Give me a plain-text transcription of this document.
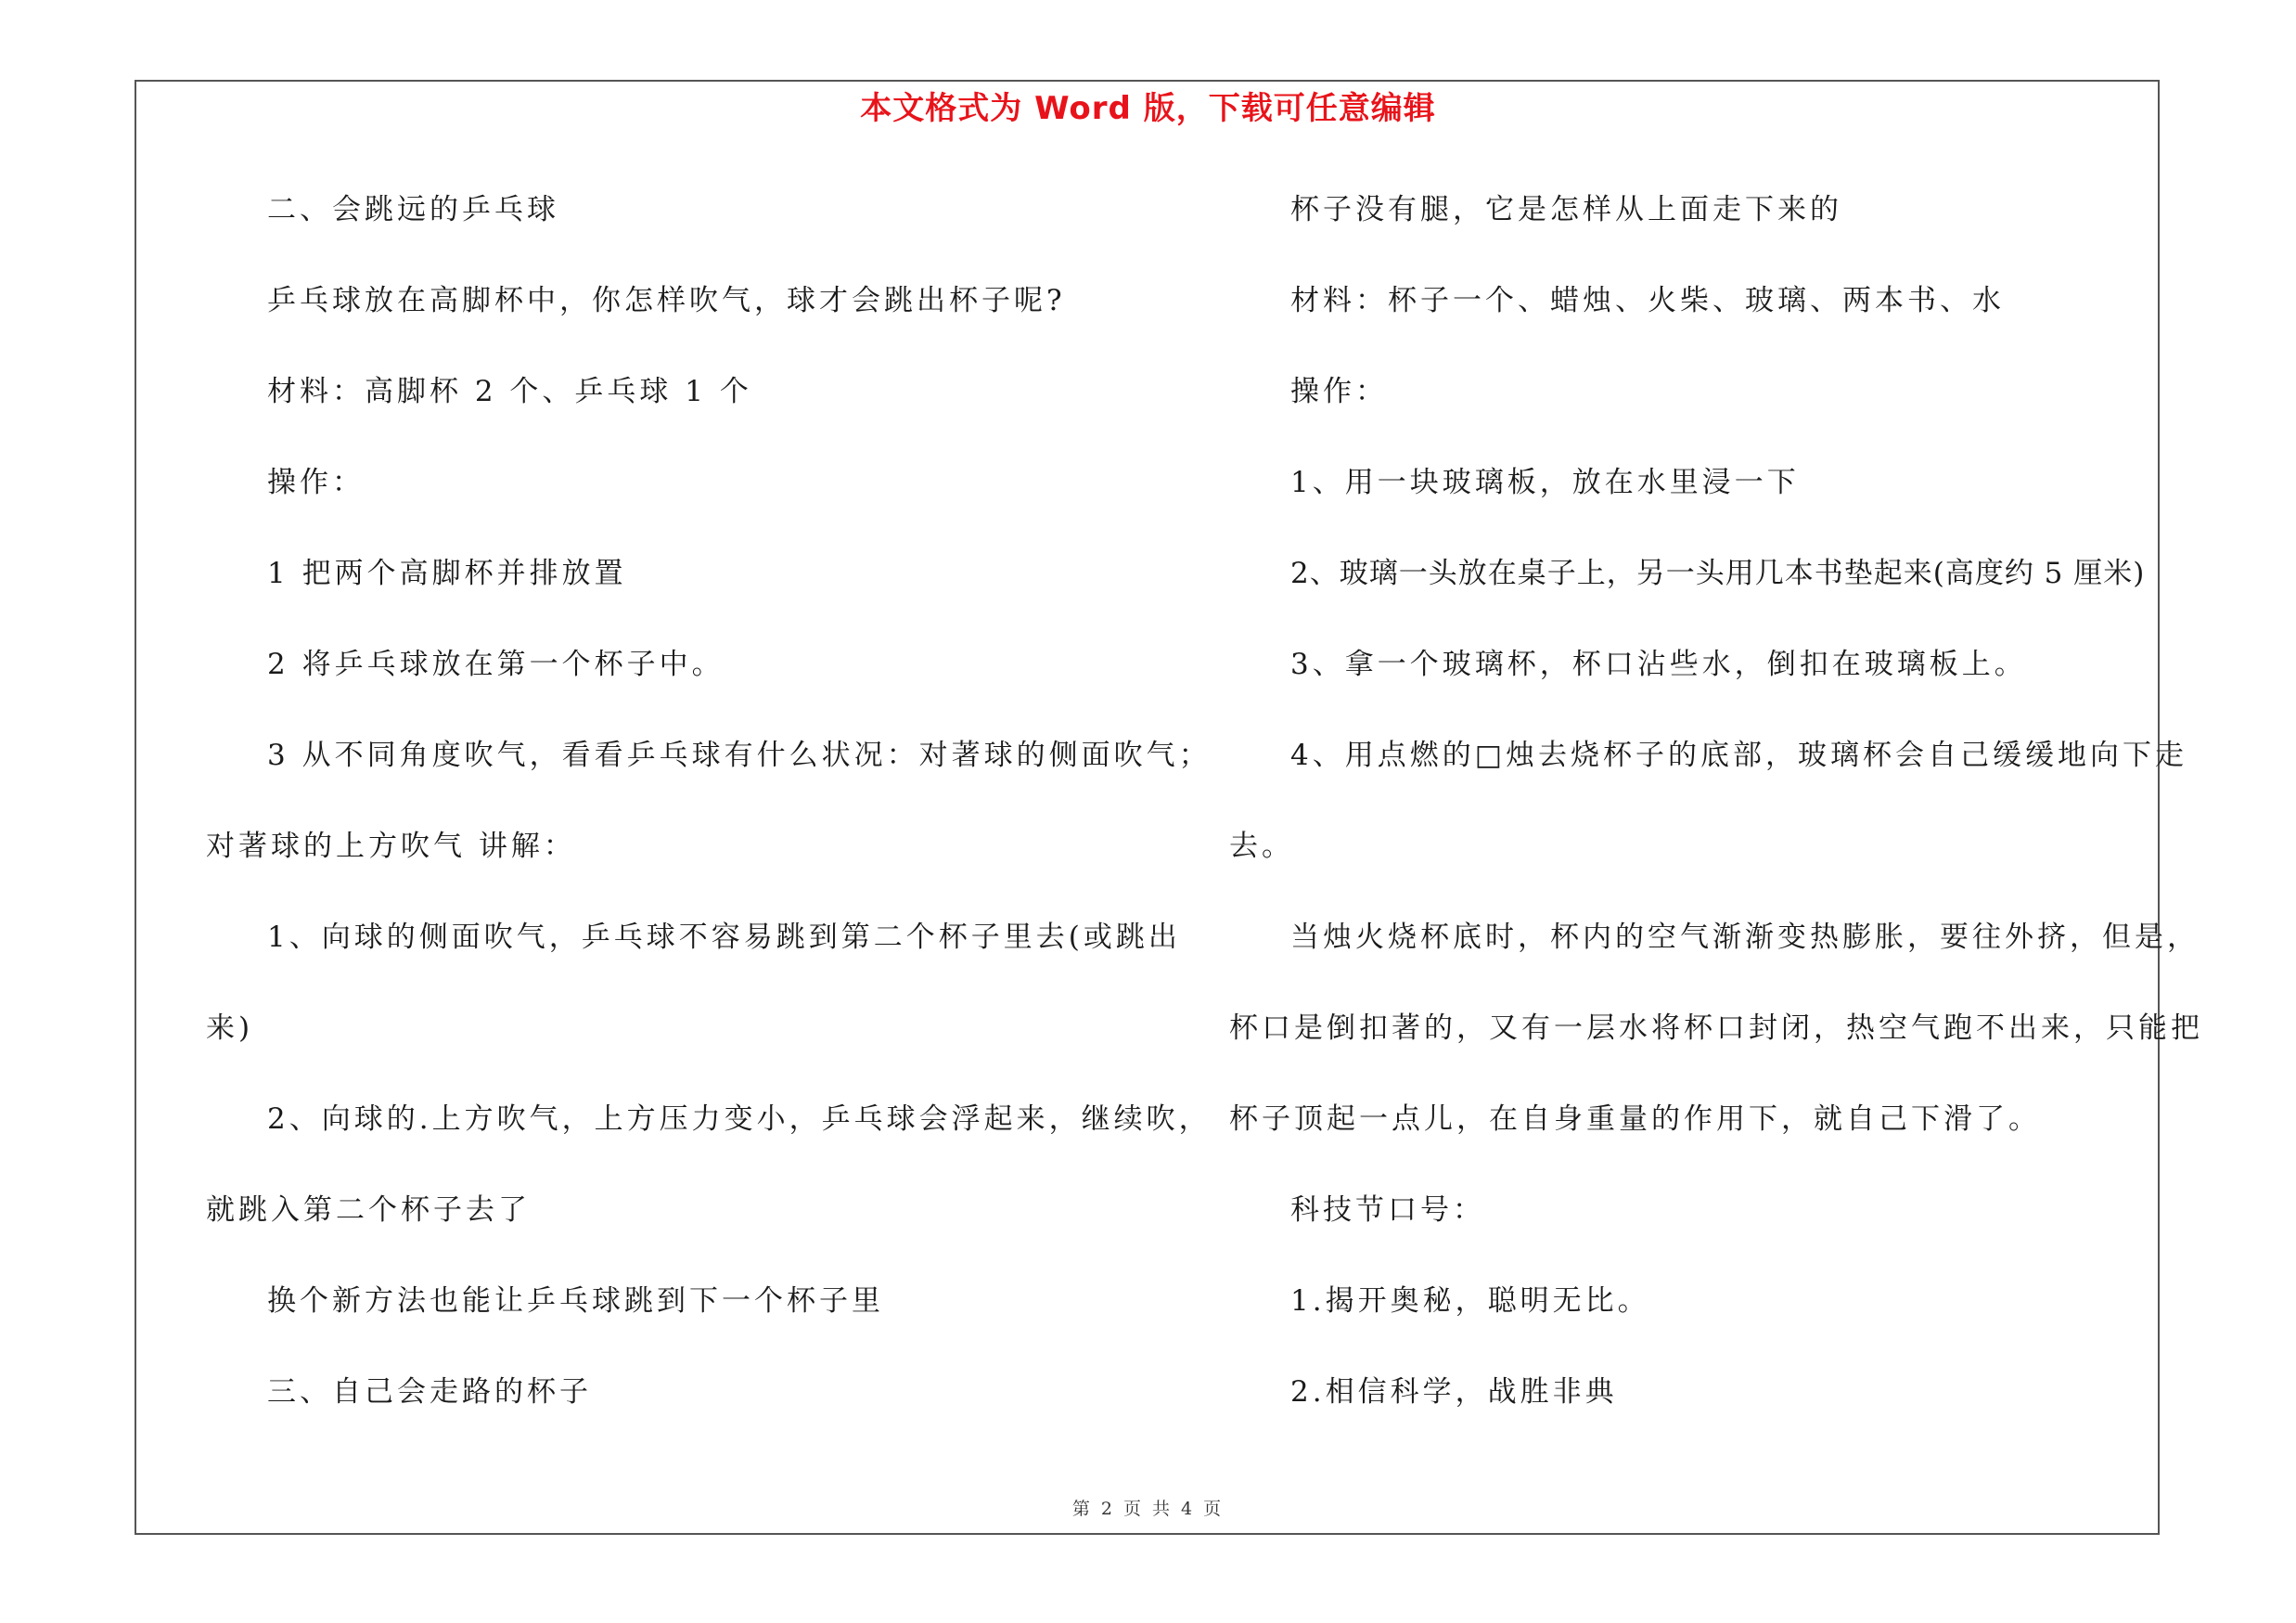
本文格式为 Word 版，下载可任意编辑
二、会跳远的乒乓球
乒乓球放在高脚杯中，你怎样吹气，球才会跳出杯子呢?
材料：高脚杯 2 个、乒乓球 1 个
操作：
1 把两个高脚杯并排放置
2 将乒乓球放在第一个杯子中。
3 从不同角度吹气，看看乒乓球有什么状况：对著球的侧面吹气；
对著球的上方吹气 讲解：
1、向球的侧面吹气，乒乓球不容易跳到第二个杯子里去(或跳出
来)
2、向球的.上方吹气，上方压力变小，乒乓球会浮起来，继续吹，
就跳入第二个杯子去了
换个新方法也能让乒乓球跳到下一个杯子里
三、自己会走路的杯子
杯子没有腿，它是怎样从上面走下来的
材料：杯子一个、蜡烛、火柴、玻璃、两本书、水
操作：
1、用一块玻璃板，放在水里浸一下
2、玻璃一头放在桌子上，另一头用几本书垫起来(高度约 5 厘米)
3、拿一个玻璃杯，杯口沾些水，倒扣在玻璃板上。
4、用点燃的□烛去烧杯子的底部，玻璃杯会自己缓缓地向下走
去。
当烛火烧杯底时，杯内的空气渐渐变热膨胀，要往外挤，但是，
杯口是倒扣著的，又有一层水将杯口封闭，热空气跑不出来，只能把
杯子顶起一点儿，在自身重量的作用下，就自己下滑了。
科技节口号：
1.揭开奥秘，聪明无比。
2.相信科学，战胜非典
第 2 页 共 4 页
